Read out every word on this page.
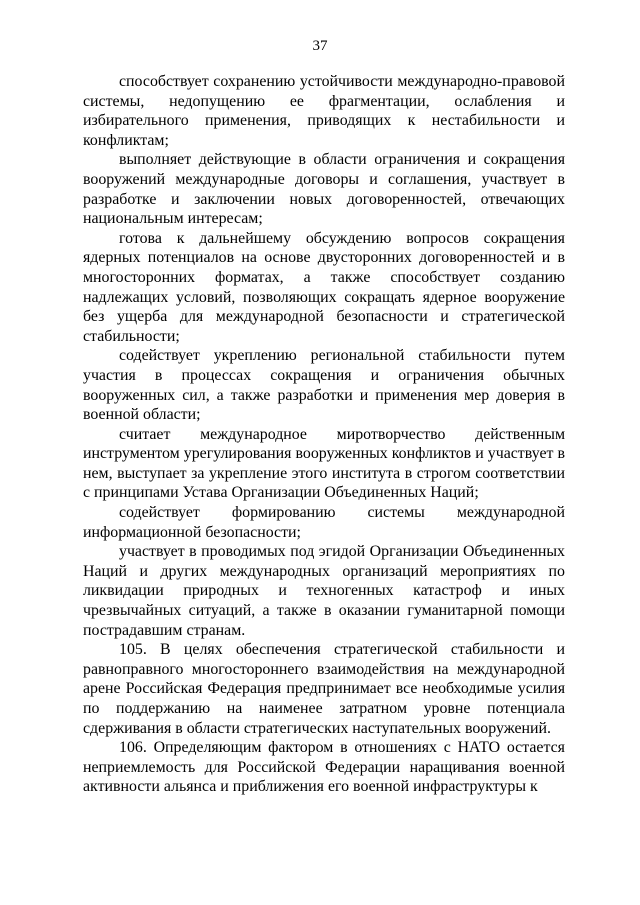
37

способствует сохранению устойчивости международно-правовой системы, недопущению ее фрагментации, ослабления и избирательного применения, приводящих к нестабильности и конфликтам;

выполняет действующие в области ограничения и сокращения вооружений международные договоры и соглашения, участвует в разработке и заключении новых договоренностей, отвечающих национальным интересам;

готова к дальнейшему обсуждению вопросов сокращения ядерных потенциалов на основе двусторонних договоренностей и в многосторонних форматах, а также способствует созданию надлежащих условий, позволяющих сокращать ядерное вооружение без ущерба для международной безопасности и стратегической стабильности;

содействует укреплению региональной стабильности путем участия в процессах сокращения и ограничения обычных вооруженных сил, а также разработки и применения мер доверия в военной области;

считает международное миротворчество действенным инструментом урегулирования вооруженных конфликтов и участвует в нем, выступает за укрепление этого института в строгом соответствии с принципами Устава Организации Объединенных Наций;

содействует формированию системы международной информационной безопасности;

участвует в проводимых под эгидой Организации Объединенных Наций и других международных организаций мероприятиях по ликвидации природных и техногенных катастроф и иных чрезвычайных ситуаций, а также в оказании гуманитарной помощи пострадавшим странам.

105. В целях обеспечения стратегической стабильности и равноправного многостороннего взаимодействия на международной арене Российская Федерация предпринимает все необходимые усилия по поддержанию на наименее затратном уровне потенциала сдерживания в области стратегических наступательных вооружений.

106. Определяющим фактором в отношениях с НАТО остается неприемлемость для Российской Федерации наращивания военной активности альянса и приближения его военной инфраструктуры к
